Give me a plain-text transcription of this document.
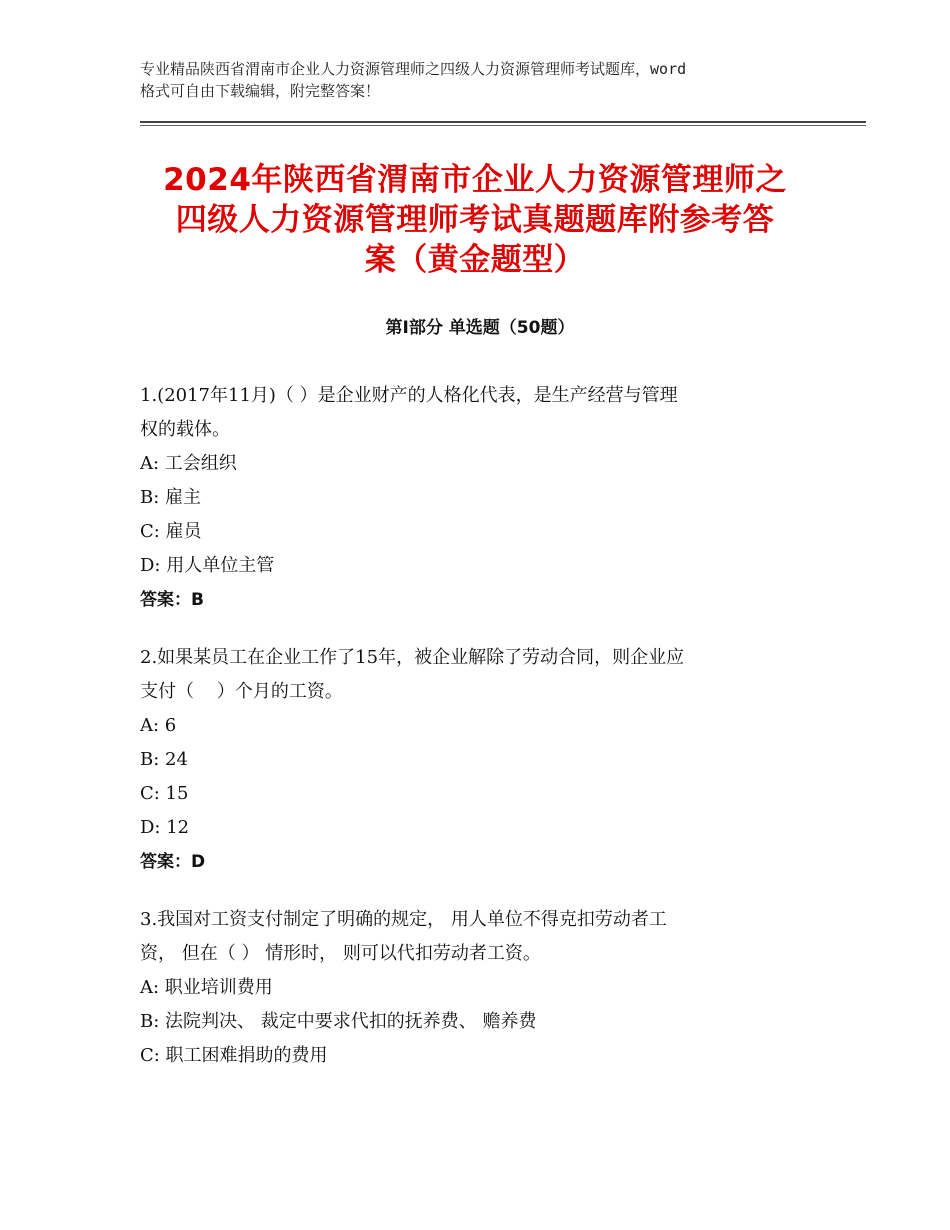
专业精品陕西省渭南市企业人力资源管理师之四级人力资源管理师考试题库，word
格式可自由下载编辑，附完整答案！
2024年陕西省渭南市企业人力资源管理师之
四级人力资源管理师考试真题题库附参考答
案（黄金题型）
第Ⅰ部分 单选题（50题）
1.(2017年11月)（ ）是企业财产的人格化代表，是生产经营与管理
权的载体。
A: 工会组织
B: 雇主
C: 雇员
D: 用人单位主管
答案：B
2.如果某员工在企业工作了15年，被企业解除了劳动合同，则企业应
支付（    ）个月的工资。
A: 6
B: 24
C: 15
D: 12
答案：D
3.我国对工资支付制定了明确的规定， 用人单位不得克扣劳动者工
资， 但在（ ） 情形时， 则可以代扣劳动者工资。
A: 职业培训费用
B: 法院判决、 裁定中要求代扣的抚养费、 赡养费
C: 职工困难捐助的费用
